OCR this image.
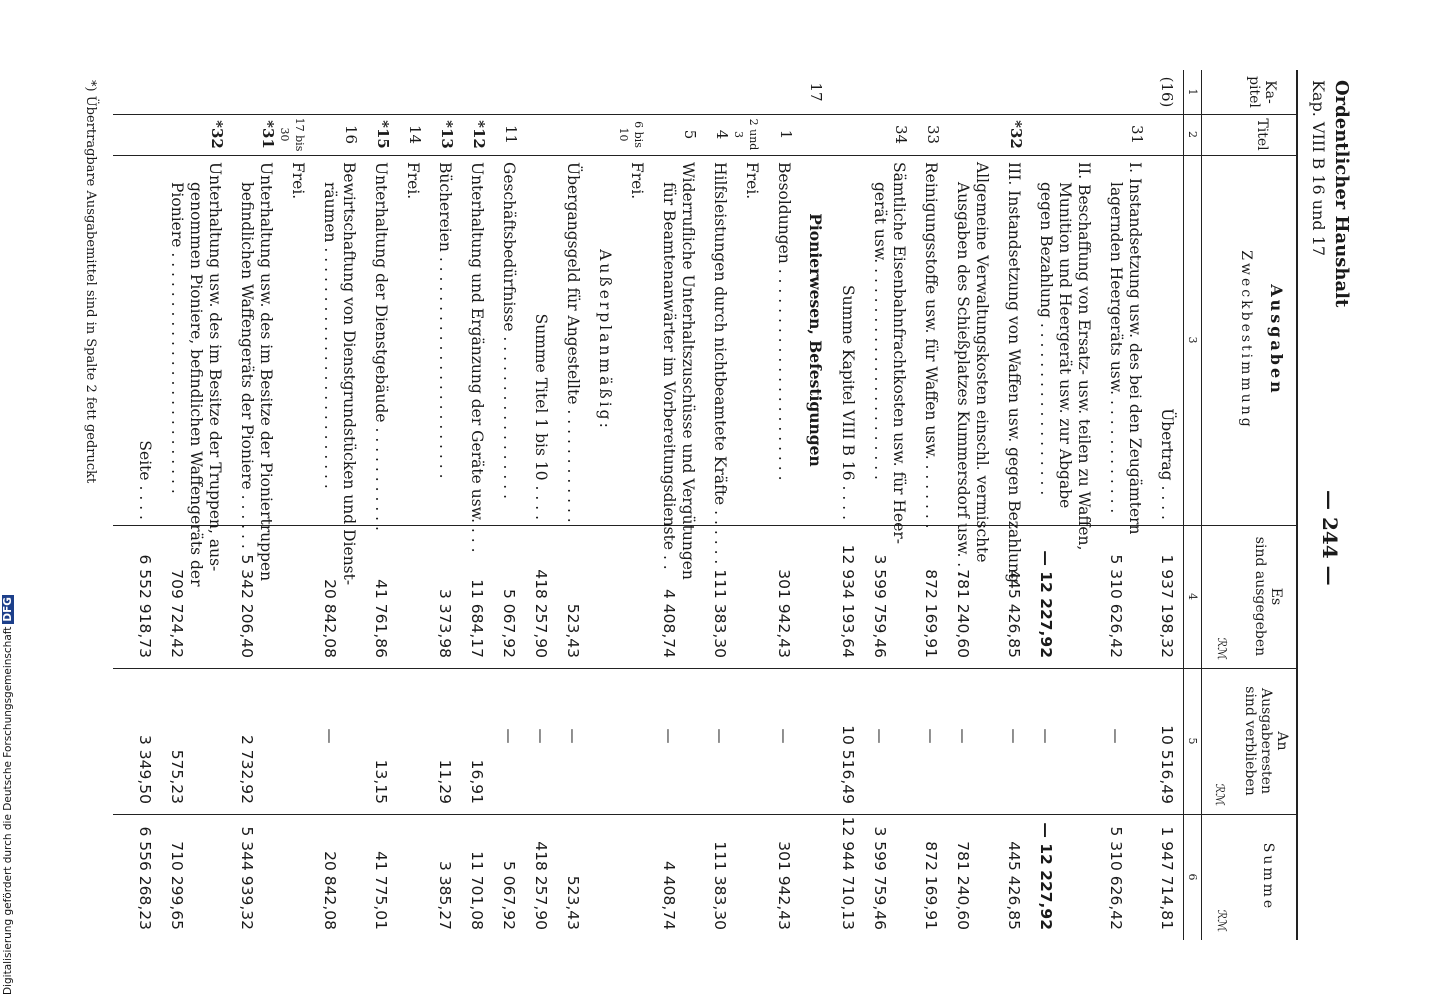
Ordentlicher Haushalt
Kap. VIII B 16 und 17
— 244 —
Ka-
pitel
Titel
Ausgaben
Zweckbestimmung
Es
sind ausgegeben
ℛℳ
An
Ausgaberesten
sind verblieben
ℛℳ
Summe
ℛℳ
1
2
3
4
5
6
(16)
Übertrag . . . .
1 937 198,32
10 516,49
1 947 714,81
31
I. Instandsetzung usw. des bei den Zeugämtern
lagernden Heergeräts usw. . . . . . . . . . . . .
5 310 626,42
—
5 310 626,42
II. Beschaffung von Ersatz- usw. teilen zu Waffen,
Munition und Heergerät usw. zur Abgabe
gegen Bezahlung . . . . . . . . . . . . . . . . . .
— 12 227,92
—
— 12 227,92
*32
III. Instandsetzung von Waffen usw. gegen Bezahlung
445 426,85
—
445 426,85
Allgemeine Verwaltungskosten einschl. vermischte
Ausgaben des Schießplatzes Kummersdorf usw. . .
781 240,60
—
781 240,60
33
Reinigungsstoffe usw. für Waffen usw. . . . . . . .
872 169,91
—
872 169,91
34
Sämtliche Eisenbahnfrachtkosten usw. für Heer-
gerät usw. . . . . . . . . . . . . . . . . . . . . . .
3 599 759,46
—
3 599 759,46
Summe Kapitel VIII B 16 . . . .
12 934 193,64
10 516,49
12 944 710,13
17
Pionierwesen, Befestigungen
1
Besoldungen . . . . . . . . . . . . . . . . . . . . . .
301 942,43
—
301 942,43
2 und 3
Frei.
4
Hilfsleistungen durch nichtbeamtete Kräfte . . . . . .
111 383,30
—
111 383,30
5
Widerrufliche Unterhaltszuschüsse und Vergütungen
für Beamtenanwärter im Vorbereitungsdienste . .
4 408,74
—
4 408,74
6 bis 10
Frei.
Außerplanmäßig:
Übergangsgeld für Angestellte . . . . . . . . . . . .
523,43
—
523,43
Summe Titel 1 bis 10 . . . .
418 257,90
—
418 257,90
11
Geschäftsbedürfnisse . . . . . . . . . . . . . . . . .
5 067,92
—
5 067,92
*12
Unterhaltung und Ergänzung der Geräte usw. . . .
11 684,17
16,91
11 701,08
*13
Büchereien . . . . . . . . . . . . . . . . . . . . . . .
3 373,98
11,29
3 385,27
14
Frei.
*15
Unterhaltung der Dienstgebäude . . . . . . . . . . .
41 761,86
13,15
41 775,01
16
Bewirtschaftung von Dienstgrundstücken und Dienst-
räumen . . . . . . . . . . . . . . . . . . . . . . . . .
20 842,08
—
20 842,08
17 bis 30
Frei.
*31
Unterhaltung usw. des im Besitze der Pioniertruppen
befindlichen Waffengeräts der Pioniere . . . . . .
5 342 206,40
2 732,92
5 344 939,32
*32
Unterhaltung usw. des im Besitze der Truppen, aus-
genommen Pioniere, befindlichen Waffengeräts der
Pioniere . . . . . . . . . . . . . . . . . . . . . . . . .
709 724,42
575,23
710 299,65
Seite . . . .
6 552 918,73
3 349,50
6 556 268,23
*) Übertragbare Ausgabemittel sind in Spalte 2 fett gedruckt
Digitalisierung gefördert durch die Deutsche ForschungsgemeinschaftDFG
